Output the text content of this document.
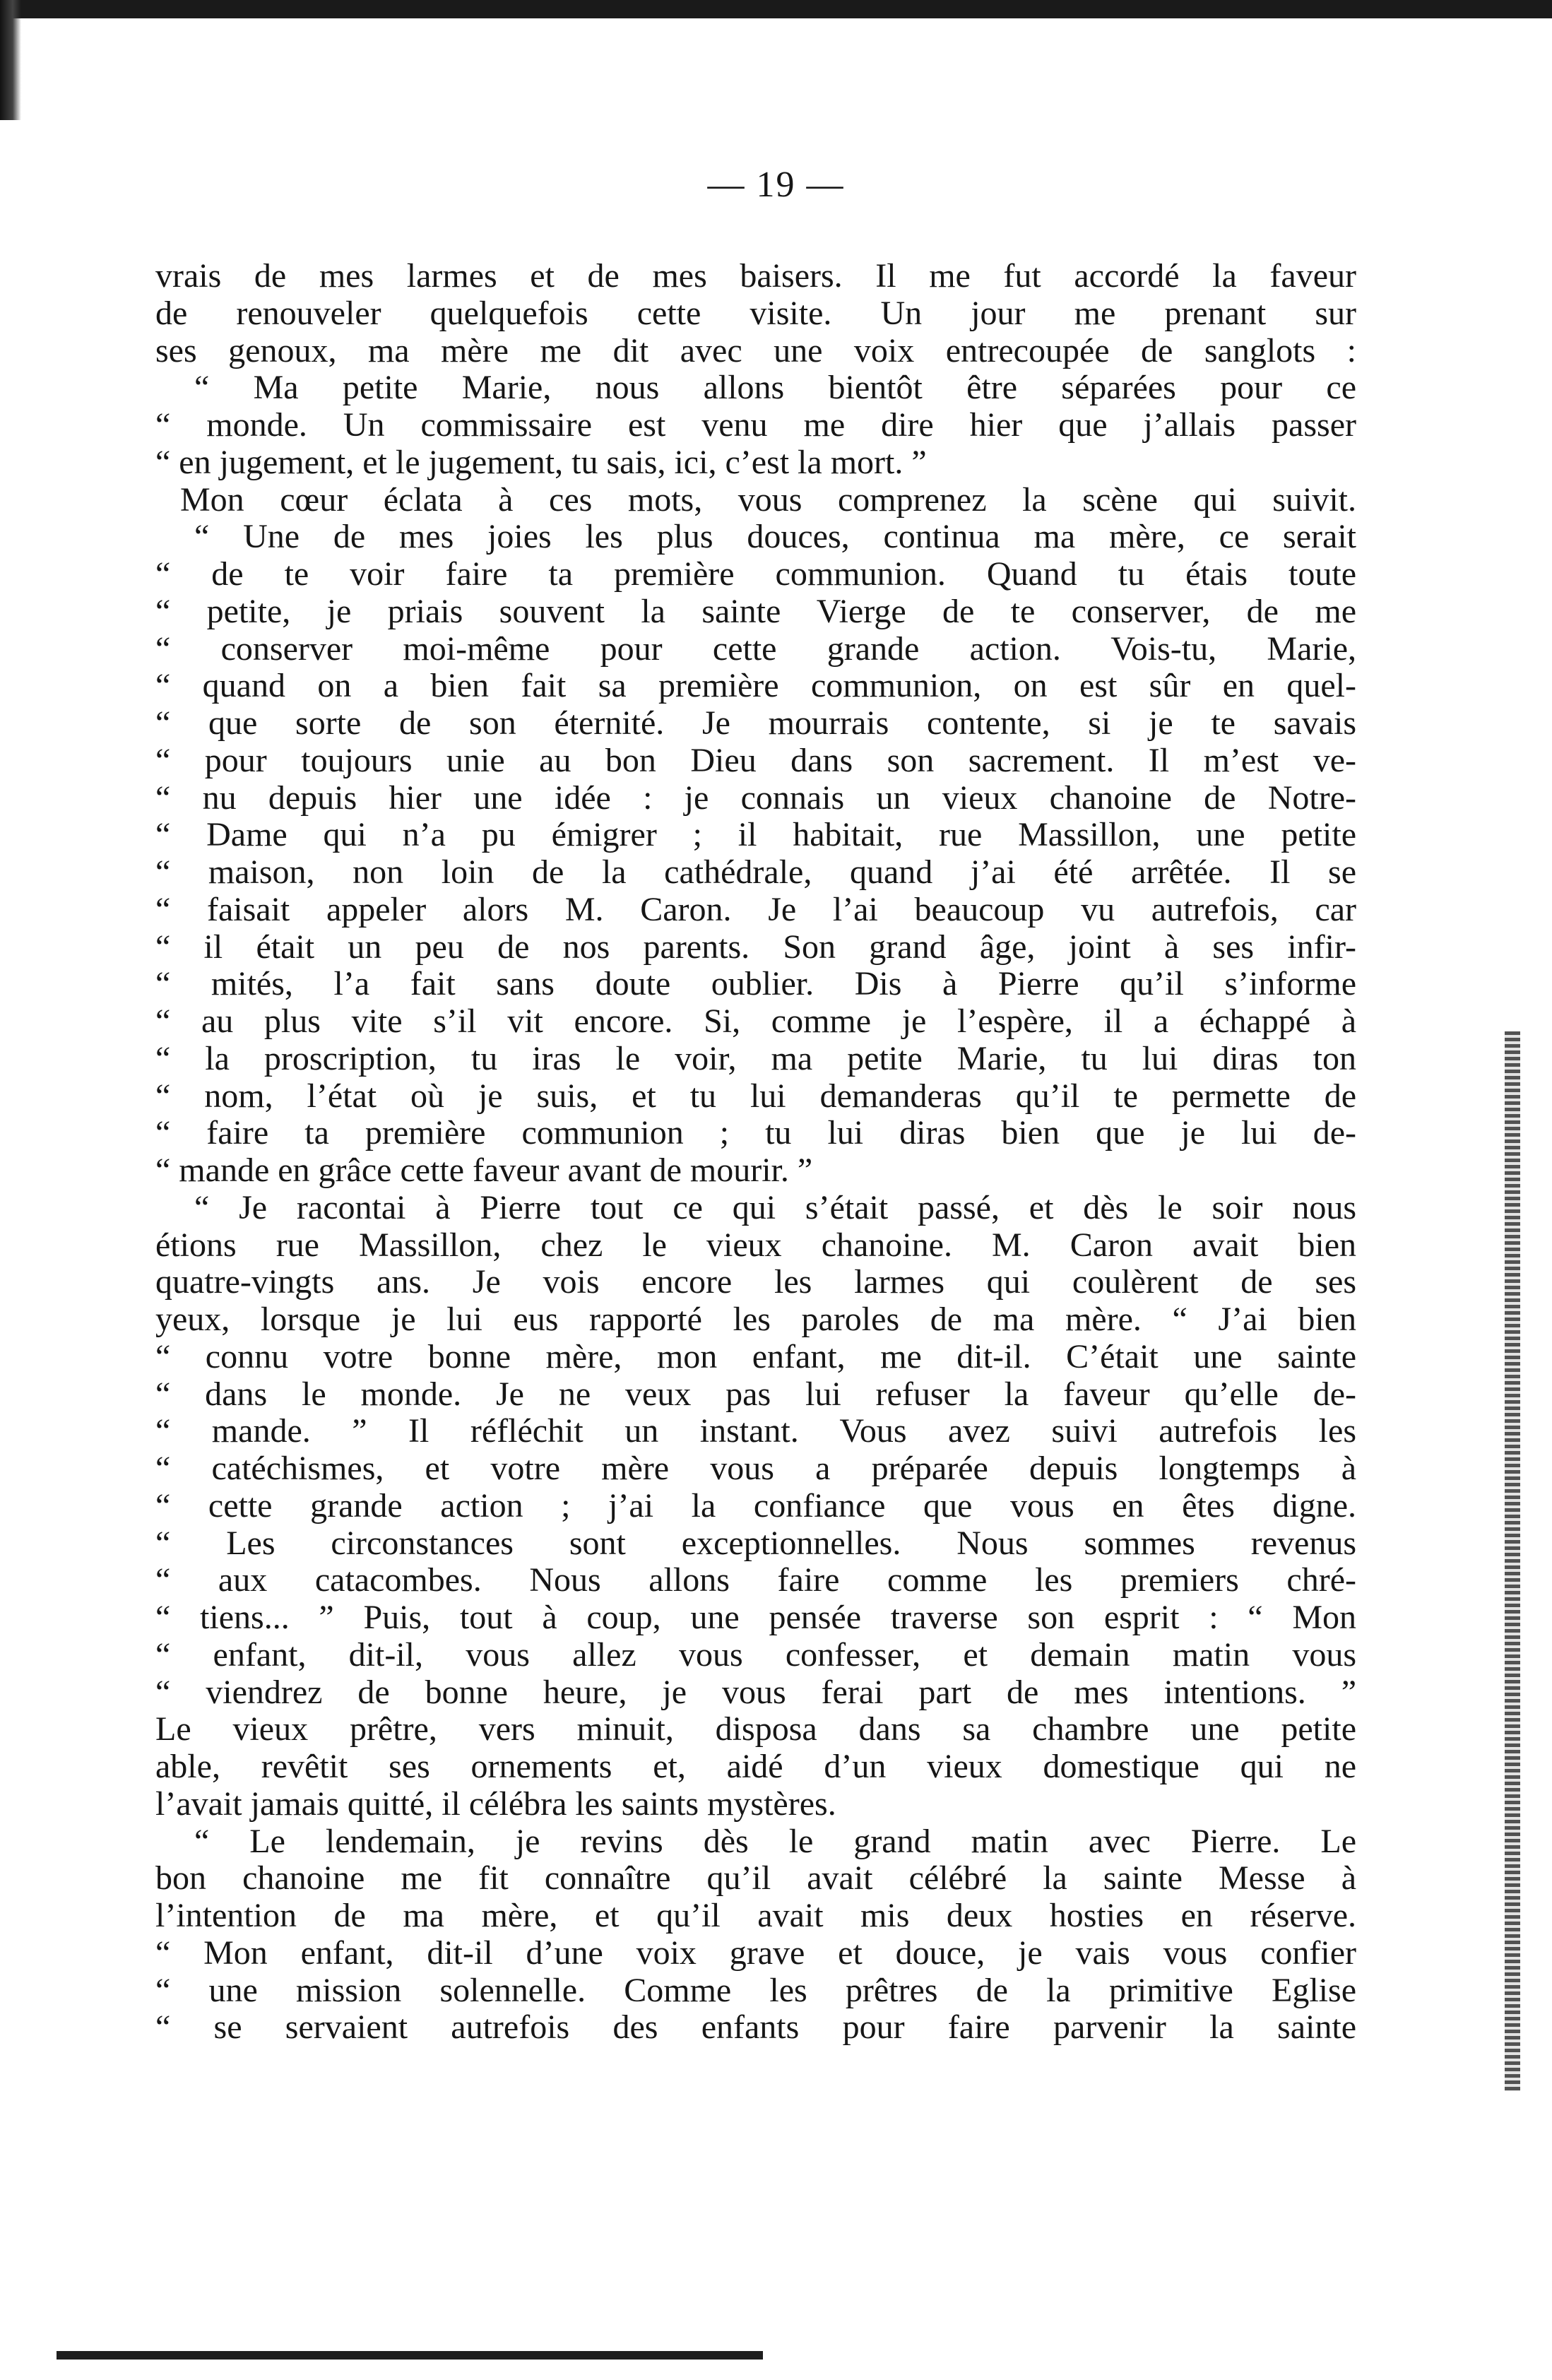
— 19 —
vrais de mes larmes et de mes baisers. Il me fut accordé la faveur
de renouveler quelquefois cette visite. Un jour me prenant sur
ses genoux, ma mère me dit avec une voix entrecoupée de sanglots :
“ Ma petite Marie, nous allons bientôt être séparées pour ce
“ monde. Un commissaire est venu me dire hier que j’allais passer
“ en jugement, et le jugement, tu sais, ici, c’est la mort. ”
Mon cœur éclata à ces mots, vous comprenez la scène qui suivit.
“ Une de mes joies les plus douces, continua ma mère, ce serait
“ de te voir faire ta première communion. Quand tu étais toute
“ petite, je priais souvent la sainte Vierge de te conserver, de me
“ conserver moi-même pour cette grande action. Vois-tu, Marie,
“ quand on a bien fait sa première communion, on est sûr en quel-
“ que sorte de son éternité. Je mourrais contente, si je te savais
“ pour toujours unie au bon Dieu dans son sacrement. Il m’est ve-
“ nu depuis hier une idée : je connais un vieux chanoine de Notre-
“ Dame qui n’a pu émigrer ; il habitait, rue Massillon, une petite
“ maison, non loin de la cathédrale, quand j’ai été arrêtée. Il se
“ faisait appeler alors M. Caron. Je l’ai beaucoup vu autrefois, car
“ il était un peu de nos parents. Son grand âge, joint à ses infir-
“ mités, l’a fait sans doute oublier. Dis à Pierre qu’il s’informe
“ au plus vite s’il vit encore. Si, comme je l’espère, il a échappé à
“ la proscription, tu iras le voir, ma petite Marie, tu lui diras ton
“ nom, l’état où je suis, et tu lui demanderas qu’il te permette de
“ faire ta première communion ; tu lui diras bien que je lui de-
“ mande en grâce cette faveur avant de mourir. ”
“ Je racontai à Pierre tout ce qui s’était passé, et dès le soir nous
étions rue Massillon, chez le vieux chanoine. M. Caron avait bien
quatre-vingts ans. Je vois encore les larmes qui coulèrent de ses
yeux, lorsque je lui eus rapporté les paroles de ma mère. “ J’ai bien
“ connu votre bonne mère, mon enfant, me dit-il. C’était une sainte
“ dans le monde. Je ne veux pas lui refuser la faveur qu’elle de-
“ mande. ” Il réfléchit un instant. Vous avez suivi autrefois les
“ catéchismes, et votre mère vous a préparée depuis longtemps à
“ cette grande action ; j’ai la confiance que vous en êtes digne.
“ Les circonstances sont exceptionnelles. Nous sommes revenus
“ aux catacombes. Nous allons faire comme les premiers chré-
“ tiens... ” Puis, tout à coup, une pensée traverse son esprit : “ Mon
“ enfant, dit-il, vous allez vous confesser, et demain matin vous
“ viendrez de bonne heure, je vous ferai part de mes intentions. ”
Le vieux prêtre, vers minuit, disposa dans sa chambre une petite
able, revêtit ses ornements et, aidé d’un vieux domestique qui ne
l’avait jamais quitté, il célébra les saints mystères.
“ Le lendemain, je revins dès le grand matin avec Pierre. Le
bon chanoine me fit connaître qu’il avait célébré la sainte Messe à
l’intention de ma mère, et qu’il avait mis deux hosties en réserve.
“ Mon enfant, dit-il d’une voix grave et douce, je vais vous confier
“ une mission solennelle. Comme les prêtres de la primitive Eglise
“ se servaient autrefois des enfants pour faire parvenir la sainte
